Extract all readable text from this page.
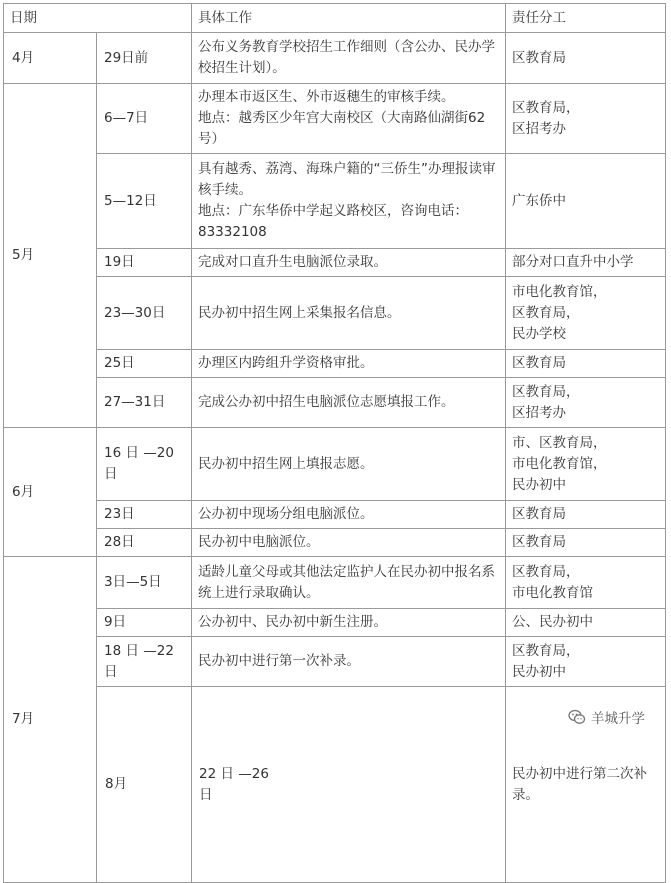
日期		具体工作	责任分工	
4月	29日前	公布义务教育学校招生工作细则（含公办、民办学校招生计划）。	区教育局	

5月	6—7日	办理本市返区生、外市返穗生的审核手续。
地点：越秀区少年宫大南校区（大南路仙湖街62号）	区教育局，
区招考办	

	5—12日	具有越秀、荔湾、海珠户籍的“三侨生”办理报读审核手续。
地点：广东华侨中学起义路校区，咨询电话：83332108	广东侨中	

	19日	完成对口直升生电脑派位录取。	部分对口直升中小学	

	23—30日	民办初中招生网上采集报名信息。	市电化教育馆，
区教育局，
民办学校	

	25日	办理区内跨组升学资格审批。	区教育局	

	27—31日	完成公办初中招生电脑派位志愿填报工作。	区教育局，
区招考办	

6月	16 日 —20
日	民办初中招生网上填报志愿。	市、区教育局，
市电化教育馆，
民办初中	

	23日	公办初中现场分组电脑派位。	区教育局	

	28日	民办初中电脑派位。	区教育局	

7月	3日—5日	适龄儿童父母或其他法定监护人在民办初中报名系统上进行录取确认。	区教育局，
市电化教育馆	

	9日	公办初中、民办初中新生注册。	公、民办初中	

	18 日 —22
日	民办初中进行第一次补录。	区教育局，
民办初中	

	8月	22 日 —26
日	民办初中进行第二次补录。

羊城升学
